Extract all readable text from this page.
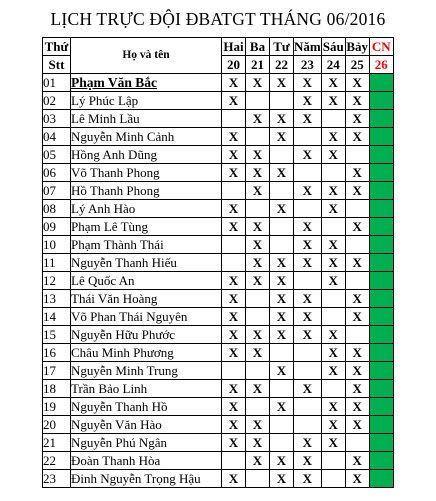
LỊCH TRỰC ĐỘI ĐBATGT THÁNG 06/2016
Thứ	Họ và tên	Hai	Ba	Tư	Năm	Sáu	Bảy	CN
Stt		20	21	22	23	24	25	26
01	Phạm Văn Bắc	X	X	X	X	X	X	
02	Lý Phúc Lập	X			X	X	X	
03	Lê Minh Lầu		X	X	X		X	
04	Nguyễn Minh Cảnh	X		X		X	X	
05	Hồng Anh Dũng	X	X		X	X		
06	Võ Thanh Phong	X	X	X			X	
07	Hồ Thanh Phong		X		X	X	X	
08	Lý Anh Hào	X		X		X		
09	Phạm Lê Tùng	X	X		X		X	
10	Phạm Thành Thái		X		X	X		
11	Nguyễn Thanh Hiếu		X	X	X	X	X	
12	Lê Quốc An	X	X	X		X		
13	Thái Văn Hoàng	X		X	X		X	
14	Võ Phan Thái Nguyên	X		X	X		X	
15	Nguyễn Hữu Phước	X	X	X	X	X		
16	Châu Minh Phương	X	X			X	X	
17	Nguyễn Minh Trung			X		X	X	
18	Trần Bảo Linh	X	X		X		X	
19	Nguyễn Thanh Hồ	X		X		X	X	
20	Nguyễn Văn Hào	X	X			X	X	
21	Nguyễn Phú Ngân	X	X		X	X		
22	Đoàn Thanh Hòa		X	X	X		X	
23	Đinh Nguyễn Trọng Hậu	X		X	X		X	
